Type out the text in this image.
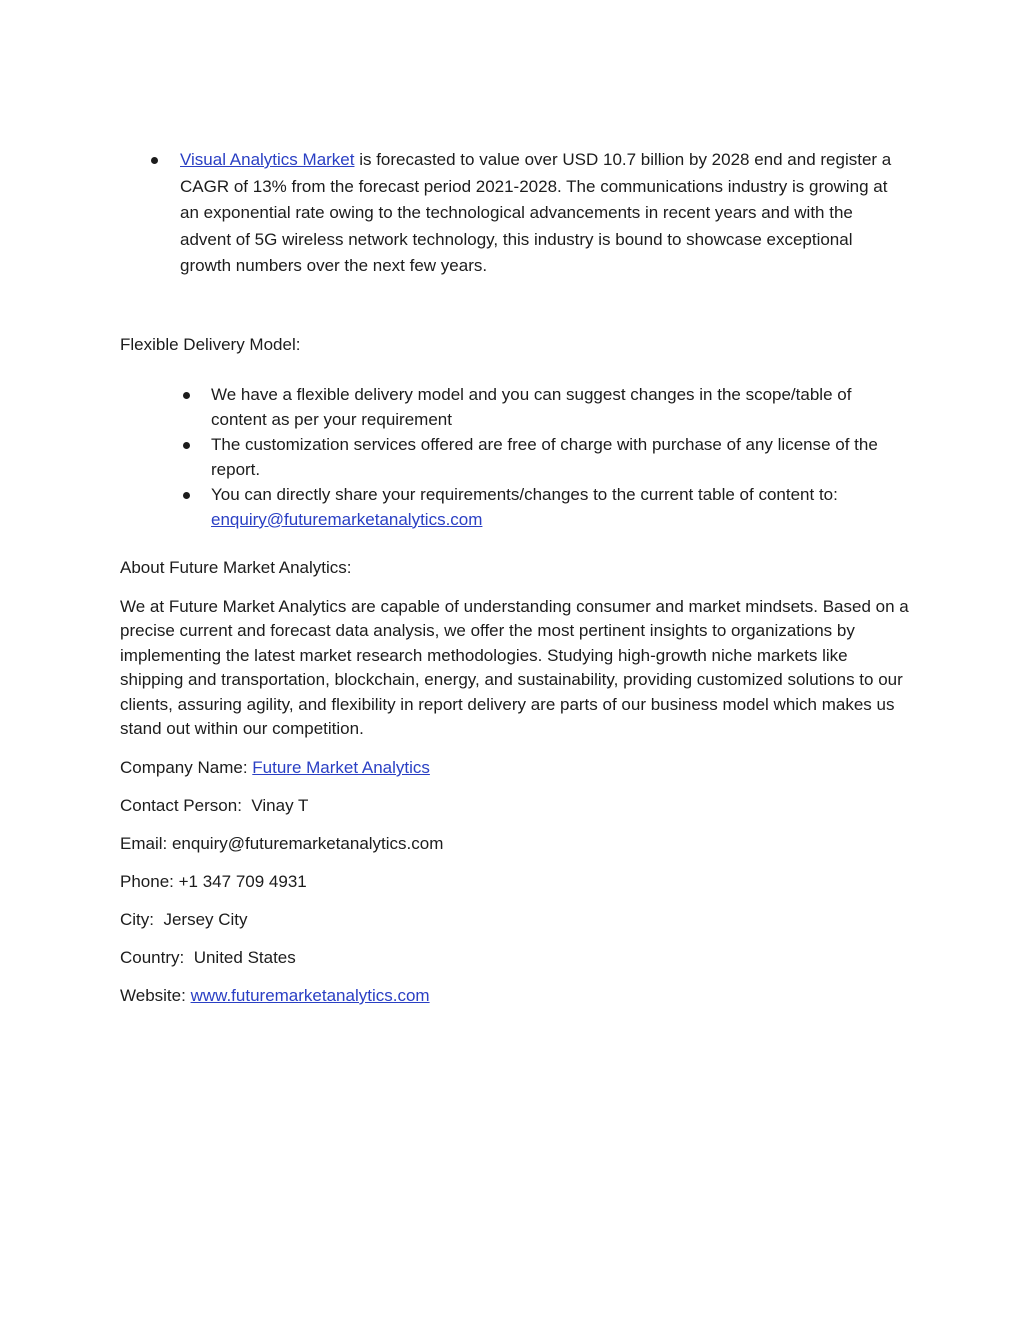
Visual Analytics Market is forecasted to value over USD 10.7 billion by 2028 end and register a CAGR of 13% from the forecast period 2021-2028. The communications industry is growing at an exponential rate owing to the technological advancements in recent years and with the advent of 5G wireless network technology, this industry is bound to showcase exceptional growth numbers over the next few years.
Flexible Delivery Model:
We have a flexible delivery model and you can suggest changes in the scope/table of content as per your requirement
The customization services offered are free of charge with purchase of any license of the report.
You can directly share your requirements/changes to the current table of content to: enquiry@futuremarketanalytics.com
About Future Market Analytics:
We at Future Market Analytics are capable of understanding consumer and market mindsets. Based on a precise current and forecast data analysis, we offer the most pertinent insights to organizations by implementing the latest market research methodologies. Studying high-growth niche markets like shipping and transportation, blockchain, energy, and sustainability, providing customized solutions to our clients, assuring agility, and flexibility in report delivery are parts of our business model which makes us stand out within our competition.
Company Name: Future Market Analytics
Contact Person:  Vinay T
Email: enquiry@futuremarketanalytics.com
Phone: +1 347 709 4931
City:  Jersey City
Country:  United States
Website: www.futuremarketanalytics.com
